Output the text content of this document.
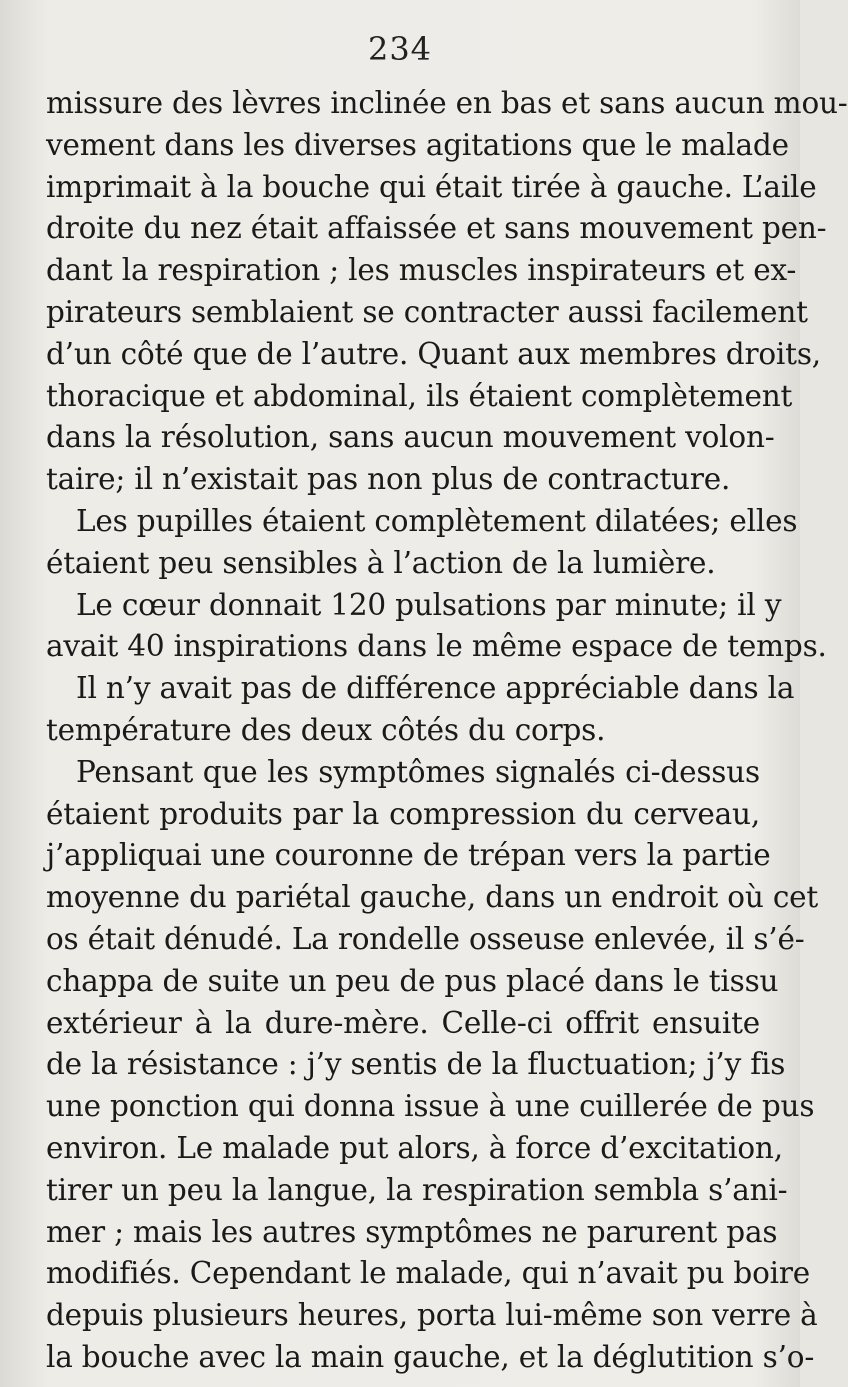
234
missure des lèvres inclinée en bas et sans aucun mou-
vement dans les diverses agitations que le malade
imprimait à la bouche qui était tirée à gauche. L’aile
droite du nez était affaissée et sans mouvement pen-
dant la respiration ; les muscles inspirateurs et ex-
pirateurs semblaient se contracter aussi facilement
d’un côté que de l’autre. Quant aux membres droits,
thoracique et abdominal, ils étaient complètement
dans la résolution, sans aucun mouvement volon-
taire; il n’existait pas non plus de contracture.
Les pupilles étaient complètement dilatées; elles
étaient peu sensibles à l’action de la lumière.
Le cœur donnait 120 pulsations par minute; il y
avait 40 inspirations dans le même espace de temps.
Il n’y avait pas de différence appréciable dans la
température des deux côtés du corps.
Pensant que les symptômes signalés ci-dessus
étaient produits par la compression du cerveau,
j’appliquai une couronne de trépan vers la partie
moyenne du pariétal gauche, dans un endroit où cet
os était dénudé. La rondelle osseuse enlevée, il s’é-
chappa de suite un peu de pus placé dans le tissu
extérieur à la dure-mère. Celle-ci offrit ensuite
de la résistance : j’y sentis de la fluctuation; j’y fis
une ponction qui donna issue à une cuillerée de pus
environ. Le malade put alors, à force d’excitation,
tirer un peu la langue, la respiration sembla s’ani-
mer ; mais les autres symptômes ne parurent pas
modifiés. Cependant le malade, qui n’avait pu boire
depuis plusieurs heures, porta lui-même son verre à
la bouche avec la main gauche, et la déglutition s’o-
